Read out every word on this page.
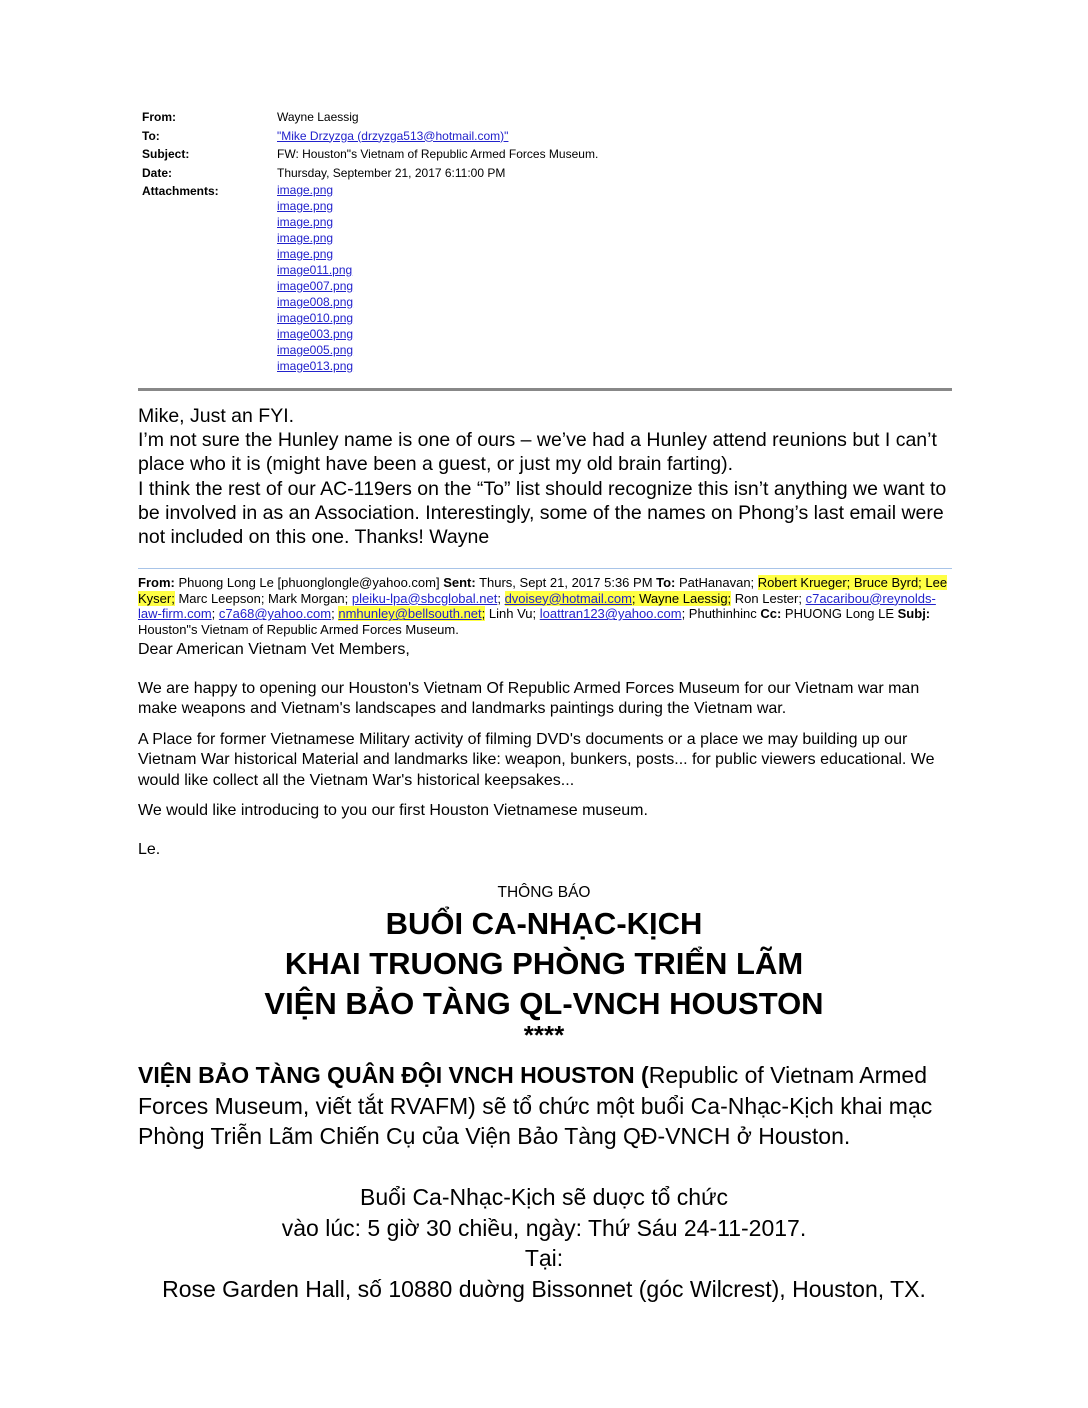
From:	Wayne Laessig
To:	"Mike Drzyzga (drzyzga513@hotmail.com)"
Subject:	FW: Houston"s Vietnam of Republic Armed Forces Museum.
Date:	Thursday, September 21, 2017 6:11:00 PM
Attachments:	image.png
image.png
image.png
image.png
image.png
image011.png
image007.png
image008.png
image010.png
image003.png
image005.png
image013.png

Mike, Just an FYI.

I’m not sure the Hunley name is one of ours – we’ve had a Hunley attend reunions but I can’t place who it is (might have been a guest, or just my old brain farting).

I think the rest of our AC-119ers on the “To” list should recognize this isn’t anything we want to be involved in as an Association. Interestingly, some of the names on Phong’s last email were not included on this one. Thanks! Wayne

From: Phuong Long Le [phuonglongle@yahoo.com] Sent: Thurs, Sept 21, 2017 5:36 PM To: PatHanavan; Robert Krueger; Bruce Byrd; Lee Kyser; Marc Leepson; Mark Morgan; pleiku-lpa@sbcglobal.net; dvoisey@hotmail.com; Wayne Laessig; Ron Lester; c7acaribou@reynolds-law-firm.com; c7a68@yahoo.com; nmhunley@bellsouth.net; Linh Vu; loattran123@yahoo.com; Phuthinhinc Cc: PHUONG Long LE Subj: Houston"s Vietnam of Republic Armed Forces Museum.

Dear American Vietnam Vet Members,

We are happy to opening our Houston's Vietnam Of Republic Armed Forces Museum for our Vietnam war man make weapons and Vietnam's landscapes and landmarks paintings during the Vietnam war.

A Place for former Vietnamese Military activity of filming DVD's documents or a place we may building up our Vietnam War historical Material and landmarks like: weapon, bunkers, posts... for public viewers educational. We would like collect all the Vietnam War's historical keepsakes...

We would like introducing to you our first Houston Vietnamese museum.

Le.

THÔNG BÁO
BUỔI CA-NHẠC-KỊCH
KHAI TRUONG PHÒNG TRIỂN LÃM
VIỆN BẢO TÀNG QL-VNCH HOUSTON
****
VIỆN BẢO TÀNG QUÂN ĐỘI VNCH HOUSTON (Republic of Vietnam Armed Forces Museum, viết tắt RVAFM) sẽ tổ chức một buổi Ca-Nhạc-Kịch khai mạc Phòng Triễn Lãm Chiến Cụ của Viện Bảo Tàng QĐ-VNCH ở Houston.
Buổi Ca-Nhạc-Kịch sẽ duợc tổ chức
vào lúc: 5 giờ 30 chiều, ngày: Thứ Sáu 24-11-2017.
Tại:
Rose Garden Hall, số 10880 duờng Bissonnet (góc Wilcrest), Houston, TX.
